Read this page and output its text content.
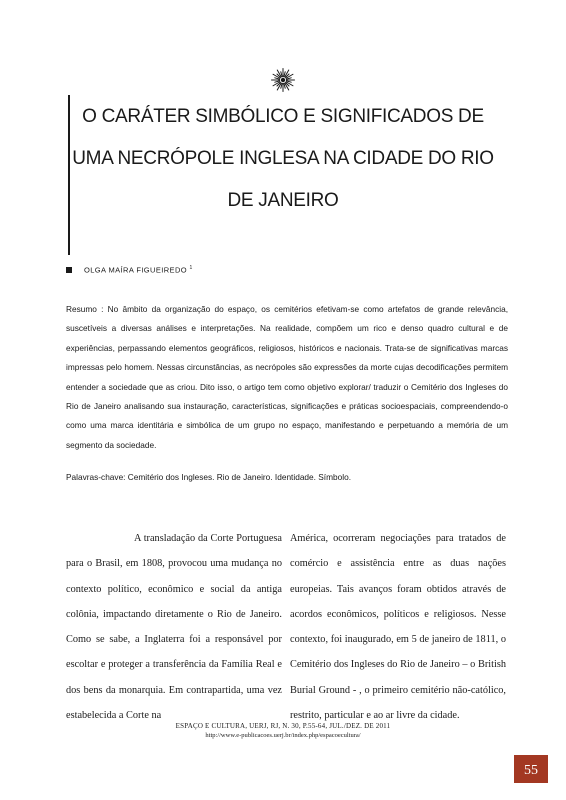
O CARÁTER SIMBÓLICO E SIGNIFICADOS DE UMA NECRÓPOLE INGLESA NA CIDADE DO RIO DE JANEIRO
OLGA MAÍRA FIGUEIREDO $^1$

Resumo : No âmbito da organização do espaço, os cemitérios efetivam-se como artefatos de grande relevância, suscetíveis a diversas análises e interpretações. Na realidade, compõem um rico e denso quadro cultural e de experiências, perpassando elementos geográficos, religiosos, históricos e nacionais. Trata-se de significativas marcas impressas pelo homem. Nessas circunstâncias, as necrópoles são expressões da morte cujas decodificações permitem entender a sociedade que as criou. Dito isso, o artigo tem como objetivo explorar/ traduzir o Cemitério dos Ingleses do Rio de Janeiro analisando sua instauração, características, significações e práticas socioespaciais, compreendendo-o como uma marca identitária e simbólica de um grupo no espaço, manifestando e perpetuando a memória de um segmento da sociedade.

Palavras-chave: Cemitério dos Ingleses. Rio de Janeiro. Identidade. Símbolo.

A transladação da Corte Portuguesa para o Brasil, em 1808, provocou uma mudança no contexto político, econômico e social da antiga colônia, impactando diretamente o Rio de Janeiro. Como se sabe, a Inglaterra foi a responsável por escoltar e proteger a transferência da Família Real e dos bens da monarquia. Em contrapartida, uma vez estabelecida a Corte na

América, ocorreram negociações para tratados de comércio e assistência entre as duas nações europeias. Tais avanços foram obtidos através de acordos econômicos, políticos e religiosos. Nesse contexto, foi inaugurado, em 5 de janeiro de 1811, o Cemitério dos Ingleses do Rio de Janeiro – o British Burial Ground - , o primeiro cemitério não-católico, restrito, particular e ao ar livre da cidade.

ESPAÇO E CULTURA, UERJ, RJ, N. 30, P.55-64, JUL./DEZ. DE 2011
http://www.e-publicacoes.uerj.br/index.php/espacoecultura/
55
